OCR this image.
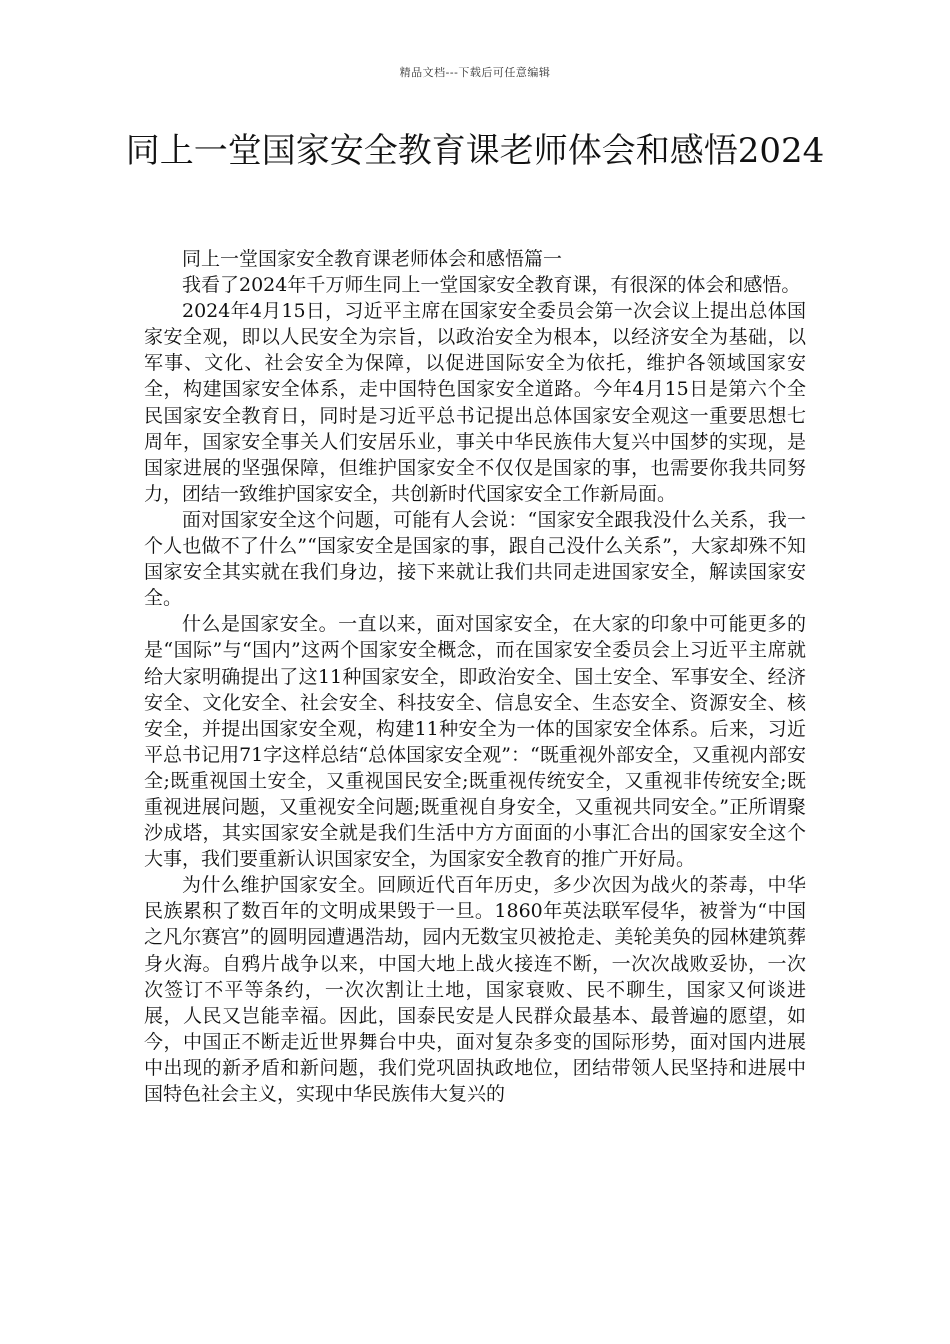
精品文档---下载后可任意编辑
同上一堂国家安全教育课老师体会和感悟2024

同上一堂国家安全教育课老师体会和感悟篇一

我看了2024年千万师生同上一堂国家安全教育课，有很深的体会和感悟。

2024年4月15日，习近平主席在国家安全委员会第一次会议上提出总体国家安全观，即以人民安全为宗旨，以政治安全为根本，以经济安全为基础，以军事、文化、社会安全为保障，以促进国际安全为依托，维护各领域国家安全，构建国家安全体系，走中国特色国家安全道路。今年4月15日是第六个全民国家安全教育日，同时是习近平总书记提出总体国家安全观这一重要思想七周年，国家安全事关人们安居乐业，事关中华民族伟大复兴中国梦的实现，是国家进展的坚强保障，但维护国家安全不仅仅是国家的事，也需要你我共同努力，团结一致维护国家安全，共创新时代国家安全工作新局面。

面对国家安全这个问题，可能有人会说：“国家安全跟我没什么关系，我一个人也做不了什么”“国家安全是国家的事，跟自己没什么关系”，大家却殊不知国家安全其实就在我们身边，接下来就让我们共同走进国家安全，解读国家安全。

什么是国家安全。一直以来，面对国家安全，在大家的印象中可能更多的是“国际”与“国内”这两个国家安全概念，而在国家安全委员会上习近平主席就给大家明确提出了这11种国家安全，即政治安全、国土安全、军事安全、经济安全、文化安全、社会安全、科技安全、信息安全、生态安全、资源安全、核安全，并提出国家安全观，构建11种安全为一体的国家安全体系。后来，习近平总书记用71字这样总结“总体国家安全观”：“既重视外部安全，又重视内部安全;既重视国土安全，又重视国民安全;既重视传统安全，又重视非传统安全;既重视进展问题，又重视安全问题;既重视自身安全，又重视共同安全。”正所谓聚沙成塔，其实国家安全就是我们生活中方方面面的小事汇合出的国家安全这个大事，我们要重新认识国家安全，为国家安全教育的推广开好局。

为什么维护国家安全。回顾近代百年历史，多少次因为战火的荼毒，中华民族累积了数百年的文明成果毁于一旦。1860年英法联军侵华，被誉为“中国之凡尔赛宫”的圆明园遭遇浩劫，园内无数宝贝被抢走、美轮美奂的园林建筑葬身火海。自鸦片战争以来，中国大地上战火接连不断，一次次战败妥协，一次次签订不平等条约，一次次割让土地，国家衰败、民不聊生，国家又何谈进展，人民又岂能幸福。因此，国泰民安是人民群众最基本、最普遍的愿望，如今，中国正不断走近世界舞台中央，面对复杂多变的国际形势，面对国内进展中出现的新矛盾和新问题，我们党巩固执政地位，团结带领人民坚持和进展中国特色社会主义，实现中华民族伟大复兴的
